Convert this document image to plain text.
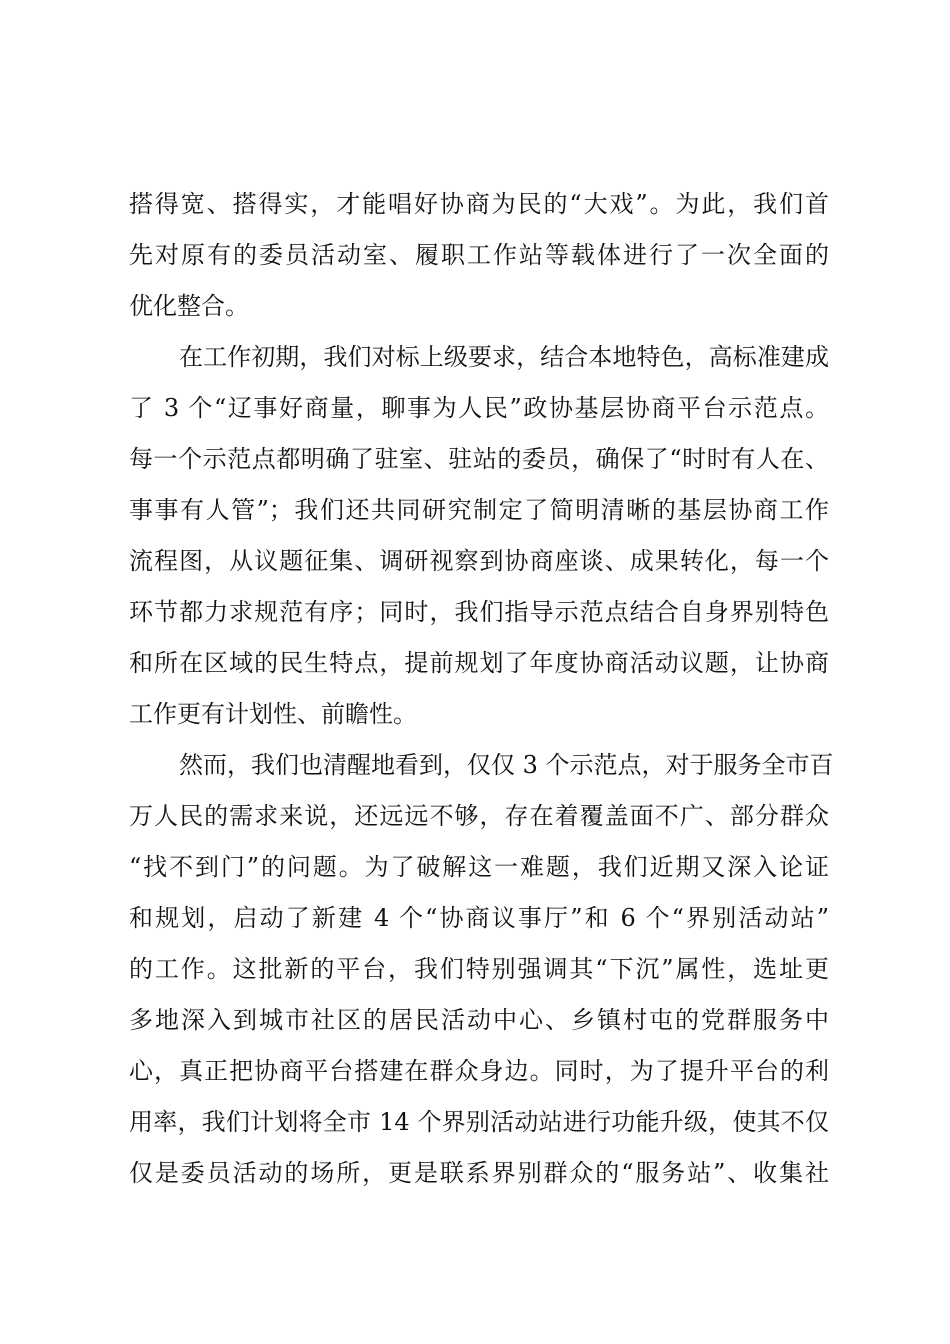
搭得宽、搭得实，才能唱好协商为民的“大戏”。为此，我们首
先对原有的委员活动室、履职工作站等载体进行了一次全面的
优化整合。
在工作初期，我们对标上级要求，结合本地特色，高标准建成
了 3 个“辽事好商量，聊事为人民”政协基层协商平台示范点。
每一个示范点都明确了驻室、驻站的委员，确保了“时时有人在、
事事有人管”；我们还共同研究制定了简明清晰的基层协商工作
流程图，从议题征集、调研视察到协商座谈、成果转化，每一个
环节都力求规范有序；同时，我们指导示范点结合自身界别特色
和所在区域的民生特点，提前规划了年度协商活动议题，让协商
工作更有计划性、前瞻性。
然而，我们也清醒地看到，仅仅 3 个示范点，对于服务全市百
万人民的需求来说，还远远不够，存在着覆盖面不广、部分群众
“找不到门”的问题。为了破解这一难题，我们近期又深入论证
和规划，启动了新建 4 个“协商议事厅”和 6 个“界别活动站”
的工作。这批新的平台，我们特别强调其“下沉”属性，选址更
多地深入到城市社区的居民活动中心、乡镇村屯的党群服务中
心，真正把协商平台搭建在群众身边。同时，为了提升平台的利
用率，我们计划将全市 14 个界别活动站进行功能升级，使其不仅
仅是委员活动的场所，更是联系界别群众的“服务站”、收集社
